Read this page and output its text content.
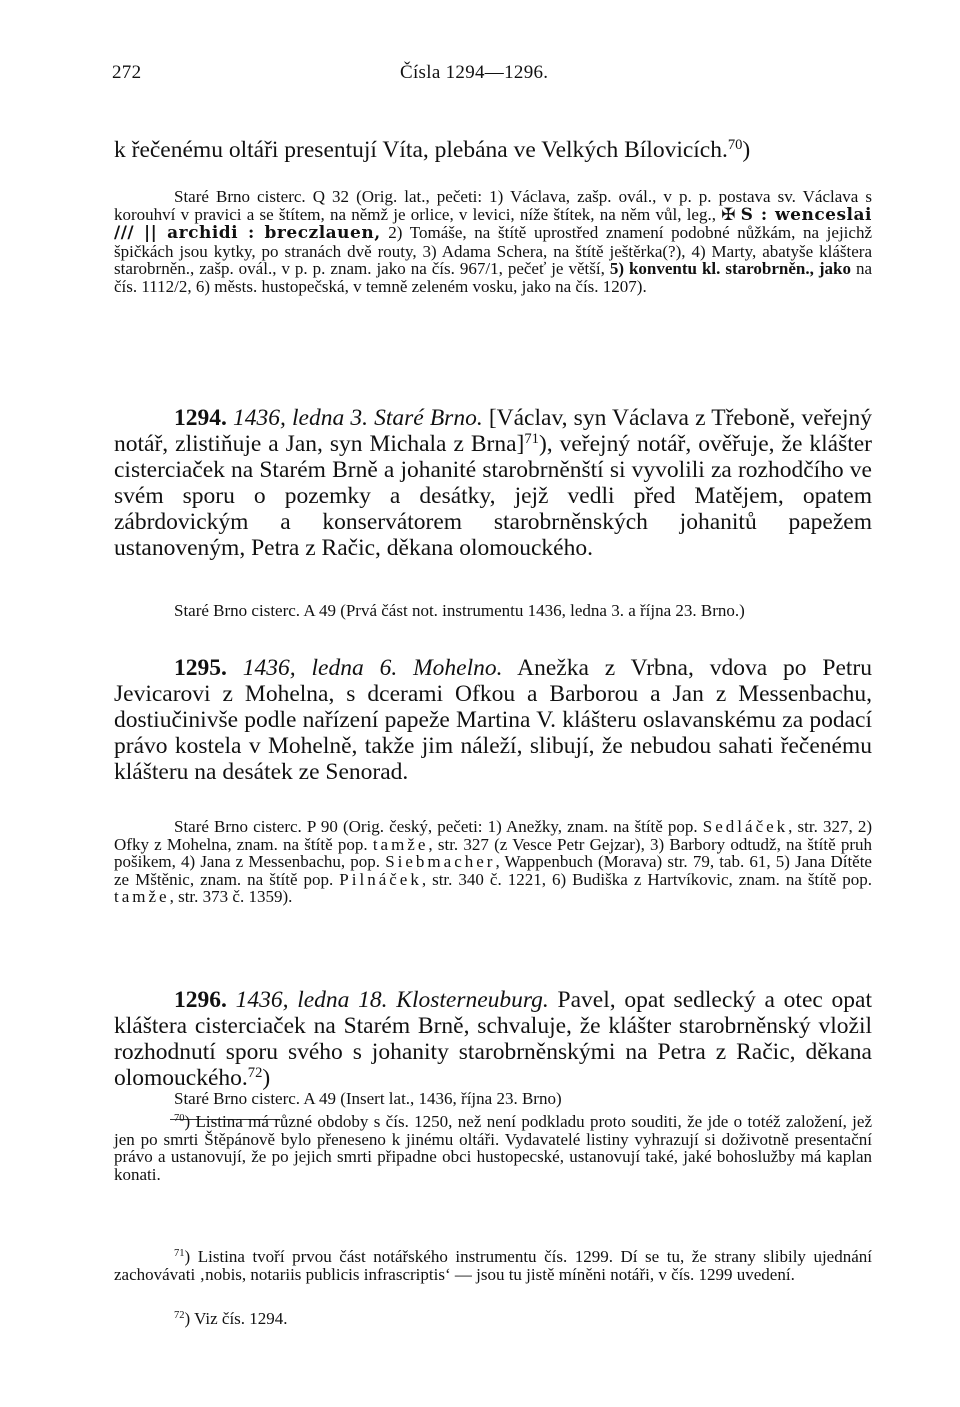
272	Čísla 1294—1296.

k řečenému oltáři presentují Víta, plebána ve Velkých Bílovicích.$^{70}$)

Staré Brno cisterc. Q 32 (Orig. lat., pečeti: 1) Václava, zašp. ovál., v p. p. postava sv. Václava s korouhví v pravici a se štítem, na němž je orlice, v levici, níže štítek, na něm vůl, leg., ✠ S : wenceslai /// || archidi : breczlauen, 2) Tomáše, na štítě uprostřed znamení podobné nůžkám, na jejichž špičkách jsou kytky, po stranách dvě routy, 3) Adama Schera, na štítě ještěrka(?), 4) Marty, abatyše kláštera starobrněn., zašp. ovál., v p. p. znam. jako na čís. 967/1, pečeť je větší, 5) konventu kl. starobrněn., jako na čís. 1112/2, 6) městs. hustopečská, v temně zeleném vosku, jako na čís. 1207).

1294. 1436, ledna 3. Staré Brno. [Václav, syn Václava z Třeboně, veřejný notář, zlistiňuje a Jan, syn Michala z Brna]$^{71}$), veřejný notář, ověřuje, že klášter cisterciaček na Starém Brně a johanité starobrněnští si vyvolili za rozhodčího ve svém sporu o pozemky a desátky, jejž vedli před Matějem, opatem zábrdovickým a konservátorem starobrněnských johanitů papežem ustanoveným, Petra z Račic, děkana olomouckého.

Staré Brno cisterc. A 49 (Prvá část not. instrumentu 1436, ledna 3. a října 23. Brno.)

1295. 1436, ledna 6. Mohelno. Anežka z Vrbna, vdova po Petru Jevicarovi z Mohelna, s dcerami Ofkou a Barborou a Jan z Messenbachu, dostiučinivše podle nařízení papeže Martina V. klášteru oslavanskému za podací právo kostela v Mohelně, takže jim náleží, slibují, že nebudou sahati řečenému klášteru na desátek ze Senorad.

Staré Brno cisterc. P 90 (Orig. český, pečeti: 1) Anežky, znam. na štítě pop. Sedláček, str. 327, 2) Ofky z Mohelna, znam. na štítě pop. tamže, str. 327 (z Vesce Petr Gejzar), 3) Barbory odtudž, na štítě pruh pošikem, 4) Jana z Messenbachu, pop. Siebmacher, Wappenbuch (Morava) str. 79, tab. 61, 5) Jana Dítěte ze Mštěnic, znam. na štítě pop. Pilnáček, str. 340 č. 1221, 6) Budiška z Hartvíkovic, znam. na štítě pop. tamže, str. 373 č. 1359).

1296. 1436, ledna 18. Klosterneuburg. Pavel, opat sedlecký a otec opat kláštera cisterciaček na Starém Brně, schvaluje, že klášter starobrněnský vložil rozhodnutí sporu svého s johanity starobrněnskými na Petra z Račic, děkana olomouckého.$^{72}$)

Staré Brno cisterc. A 49 (Insert lat., 1436, října 23. Brno)

$^{70}$) Listina má různé obdoby s čís. 1250, než není podkladu proto souditi, že jde o totéž založení, jež jen po smrti Štěpánově bylo přeneseno k jinému oltáři. Vydavatelé listiny vyhrazují si doživotně presentační právo a ustanovují, že po jejich smrti připadne obci hustopecské, ustanovují také, jaké bohoslužby má kaplan konati.

$^{71}$) Listina tvoří prvou část notářského instrumentu čís. 1299. Dí se tu, že strany slibily ujednání zachovávati ‚nobis, notariis publicis infrascriptis‘ — jsou tu jistě míněni notáři, v čís. 1299 uvedení.

$^{72}$) Viz čís. 1294.
